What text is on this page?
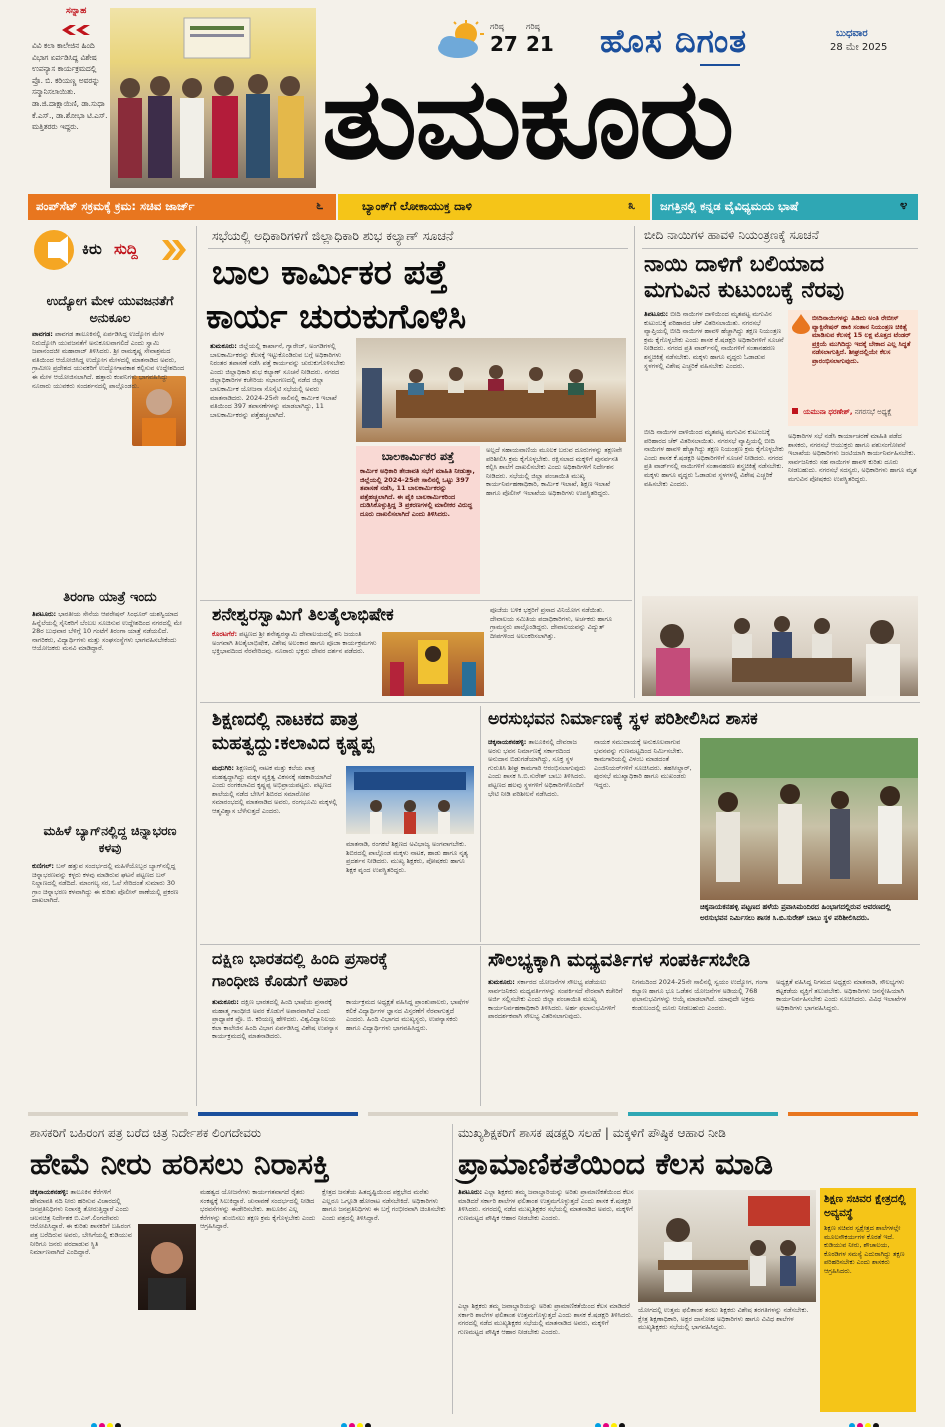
ಸನ್ನಾಹ
ವಿವಿ ಕಲಾ ಕಾಲೇಜಿನ ಹಿಂದಿ ವಿಭಾಗ ಏರ್ಪಡಿಸಿದ್ದ ವಿಶೇಷ ಉಪನ್ಯಾಸ ಕಾರ್ಯಕ್ರಮದಲ್ಲಿ ಪ್ರೊ. ಬಿ. ಕರಿಯಣ್ಣ ಅವರನ್ನು ಸನ್ಮಾನಿಸಲಾಯಿತು. ಡಾ.ಜಿ.ದಾಕ್ಷಾಯಿಣಿ, ಡಾ.ಸುಧಾ ಕೆ.ಎಸ್., ಡಾ.ಶೋಭಾ ಟಿ.ಎಸ್. ಮತ್ತಿತರರು ಇದ್ದರು.
ಗರಿಷ್ಠ
27
ಗರಿಷ್ಠ
21 ಹೊಸ ದಿಗಂತ	ಬುಧವಾರ
28 ಮೇ 2025
ತುಮಕೂರು
ಪಂಪ್‌ಸೆಟ್ ಸಕ್ರಮಕ್ಕೆ ಕ್ರಮ: ಸಚಿವ ಜಾರ್ಜ್	೬	ಬ್ಯಾಂಕ್‌ಗೆ ಲೋಕಾಯುಕ್ತ ದಾಳಿ	೩ ಜಗತ್ತಿನಲ್ಲಿ ಕನ್ನಡ ವೈವಿಧ್ಯಮಯ ಭಾಷೆ	೪
ಕಿರು ಸುದ್ದಿ
ಉದ್ಯೋಗ ಮೇಳ ಯುವಜನತೆಗೆ ಅನುಕೂಲ
ಪಾವಗಡ: ಪಾವಗಡ ತಾಲೂಕಿನಲ್ಲಿ ಏರ್ಪಡಿಸಿದ್ದ ಉದ್ಯೋಗ ಮೇಳ ನಿರುದ್ಯೋಗಿ ಯುವಜನತೆಗೆ ಅನುಕೂಲವಾಗಲಿದೆ ಎಂದು ಸ್ವಾಮಿ ಜಪಾನಂದಜೀ ಮಹಾರಾಜ್ ತಿಳಿಸಿದರು. ಶ್ರೀ ರಾಮಕೃಷ್ಣ ಸೇವಾಶ್ರಮದ ವತಿಯಿಂದ ಆಯೋಜಿಸಿದ್ದ ಉದ್ಯೋಗ ಮೇಳದಲ್ಲಿ ಮಾತನಾಡಿದ ಅವರು, ಗ್ರಾಮೀಣ ಪ್ರದೇಶದ ಯುವಕರಿಗೆ ಉದ್ಯೋಗಾವಕಾಶ ಕಲ್ಪಿಸುವ ಉದ್ದೇಶದಿಂದ ಈ ಮೇಳ ಆಯೋಜಿಸಲಾಗಿದೆ. ಹತ್ತಾರು ಕಂಪನಿಗಳು ಭಾಗವಹಿಸಿದ್ದು ನೂರಾರು ಯುವಕರು ಸಂದರ್ಶನದಲ್ಲಿ ಪಾಲ್ಗೊಂಡರು.
ತಿರಂಗಾ ಯಾತ್ರೆ ಇಂದು
ತಿಪಟೂರು: ಭಾರತೀಯ ಸೇನೆಯ ಆಪರೇಷನ್ ಸಿಂಧೂರ್ ಯಶಸ್ವಿಯಾದ ಹಿನ್ನೆಲೆಯಲ್ಲಿ ಸೈನಿಕರಿಗೆ ಬೆಂಬಲ ಸೂಚಿಸುವ ಉದ್ದೇಶದಿಂದ ನಗರದಲ್ಲಿ ಮೇ 28ರ ಬುಧವಾರ ಬೆಳಿಗ್ಗೆ 10 ಗಂಟೆಗೆ ತಿರಂಗಾ ಯಾತ್ರೆ ನಡೆಯಲಿದೆ. ನಾಗರಿಕರು, ವಿದ್ಯಾರ್ಥಿಗಳು ಮತ್ತು ಸಂಘಸಂಸ್ಥೆಗಳು ಭಾಗವಹಿಸಬೇಕೆಂದು ಆಯೋಜಕರು ಮನವಿ ಮಾಡಿದ್ದಾರೆ.
ಮಹಿಳೆ ಬ್ಯಾಗ್‌ನಲ್ಲಿದ್ದ ಚಿನ್ನಾಭರಣ ಕಳವು
ಕುಣಿಗಲ್: ಬಸ್ ಹತ್ತುವ ಸಂದರ್ಭದಲ್ಲಿ ಮಹಿಳೆಯೊಬ್ಬರ ಬ್ಯಾಗ್‌ನಲ್ಲಿದ್ದ ಚಿನ್ನಾಭರಣವನ್ನು ಕಳ್ಳರು ಕಳವು ಮಾಡಿರುವ ಘಟನೆ ಪಟ್ಟಣದ ಬಸ್ ನಿಲ್ದಾಣದಲ್ಲಿ ನಡೆದಿದೆ. ಮಾಂಗಲ್ಯ ಸರ, ಓಲೆ ಸೇರಿದಂತೆ ಸುಮಾರು 30 ಗ್ರಾಂ ಚಿನ್ನಾಭರಣ ಕಳವಾಗಿದ್ದು ಈ ಕುರಿತು ಪೊಲೀಸ್ ಠಾಣೆಯಲ್ಲಿ ಪ್ರಕರಣ ದಾಖಲಾಗಿದೆ.
ಸಭೆಯಲ್ಲಿ ಅಧಿಕಾರಿಗಳಿಗೆ ಜಿಲ್ಲಾಧಿಕಾರಿ ಶುಭ ಕಲ್ಯಾಣ್ ಸೂಚನೆ
ಬಾಲ ಕಾರ್ಮಿಕರ ಪತ್ತೆ
ಕಾರ್ಯ ಚುರುಕುಗೊಳಿಸಿ
ತುಮಕೂರು: ಜಿಲ್ಲೆಯಲ್ಲಿ ಕಾರ್ಖಾನೆ, ಗ್ಯಾರೇಜ್, ಅಂಗಡಿಗಳಲ್ಲಿ ಬಾಲಕಾರ್ಮಿಕರನ್ನು ಕೆಲಸಕ್ಕೆ ಇಟ್ಟುಕೊಂಡಿರುವ ಬಗ್ಗೆ ಅಧಿಕಾರಿಗಳು ನಿರಂತರ ತಪಾಸಣೆ ನಡೆಸಿ ಪತ್ತೆ ಕಾರ್ಯವನ್ನು ಚುರುಕುಗೊಳಿಸಬೇಕು ಎಂದು ಜಿಲ್ಲಾಧಿಕಾರಿ ಶುಭ ಕಲ್ಯಾಣ್ ಸೂಚನೆ ನೀಡಿದರು. ನಗರದ ಜಿಲ್ಲಾಧಿಕಾರಿಗಳ ಕಚೇರಿಯ ಸಭಾಂಗಣದಲ್ಲಿ ನಡೆದ ಜಿಲ್ಲಾ ಬಾಲಕಾರ್ಮಿಕ ಯೋಜನಾ ಸೊಸೈಟಿ ಸಭೆಯಲ್ಲಿ ಅವರು ಮಾತನಾಡಿದರು. 2024-25ನೇ ಸಾಲಿನಲ್ಲಿ ಕಾರ್ಮಿಕ ಇಲಾಖೆ ವತಿಯಿಂದ 397 ತಪಾಸಣೆಗಳನ್ನು ಮಾಡಲಾಗಿದ್ದು, 11 ಬಾಲಕಾರ್ಮಿಕರನ್ನು ಪತ್ತೆಹಚ್ಚಲಾಗಿದೆ.
ಬಾಲಕಾರ್ಮಿಕರ ಪತ್ತೆ
ಕಾರ್ಮಿಕ ಅಧಿಕಾರಿ ತೇಜಾವತಿ ಸಭೆಗೆ ಮಾಹಿತಿ ನೀಡುತ್ತಾ, ಜಿಲ್ಲೆಯಲ್ಲಿ 2024-25ನೇ ಸಾಲಿನಲ್ಲಿ ಒಟ್ಟು 397 ತಪಾಸಣೆ ನಡೆಸಿ, 11 ಬಾಲಕಾರ್ಮಿಕರನ್ನು ಪತ್ತೆಹಚ್ಚಲಾಗಿದೆ. ಈ ಪೈಕಿ ಬಾಲಕಾರ್ಮಿಕರಿಂದ ದುಡಿಸಿಕೊಳ್ಳುತ್ತಿದ್ದ 3 ಪ್ರಕರಣಗಳಲ್ಲಿ ಮಾಲೀಕರ ವಿರುದ್ಧ ದೂರು ದಾಖಲಿಸಲಾಗಿದೆ ಎಂದು ತಿಳಿಸಿದರು.
ಅಲ್ಲದೆ ಸಹಾಯವಾಣಿಯ ಮೂಲಕ ಬರುವ ದೂರುಗಳನ್ನು ತಕ್ಷಣವೇ ಪರಿಶೀಲಿಸಿ ಕ್ರಮ ಕೈಗೊಳ್ಳಬೇಕು. ರಕ್ಷಿಸಲಾದ ಮಕ್ಕಳಿಗೆ ಪುನರ್ವಸತಿ ಕಲ್ಪಿಸಿ ಶಾಲೆಗೆ ದಾಖಲಿಸಬೇಕು ಎಂದು ಅಧಿಕಾರಿಗಳಿಗೆ ನಿರ್ದೇಶನ ನೀಡಿದರು. ಸಭೆಯಲ್ಲಿ ಜಿಲ್ಲಾ ಪಂಚಾಯಿತಿ ಮುಖ್ಯ ಕಾರ್ಯನಿರ್ವಹಣಾಧಿಕಾರಿ, ಕಾರ್ಮಿಕ ಇಲಾಖೆ, ಶಿಕ್ಷಣ ಇಲಾಖೆ ಹಾಗೂ ಪೊಲೀಸ್ ಇಲಾಖೆಯ ಅಧಿಕಾರಿಗಳು ಉಪಸ್ಥಿತರಿದ್ದರು.
ಬೀದಿ ನಾಯಿಗಳ ಹಾವಳಿ ನಿಯಂತ್ರಣಕ್ಕೆ ಸೂಚನೆ
ನಾಯಿ ದಾಳಿಗೆ ಬಲಿಯಾದ
ಮಗುವಿನ ಕುಟುಂಬಕ್ಕೆ ನೆರವು
ತಿಪಟೂರು: ಬೀದಿ ನಾಯಿಗಳ ದಾಳಿಯಿಂದ ಮೃತಪಟ್ಟ ಮಗುವಿನ ಕುಟುಂಬಕ್ಕೆ ಪರಿಹಾರದ ಚೆಕ್ ವಿತರಿಸಲಾಯಿತು. ನಗರಸಭೆ ವ್ಯಾಪ್ತಿಯಲ್ಲಿ ಬೀದಿ ನಾಯಿಗಳ ಹಾವಳಿ ಹೆಚ್ಚಾಗಿದ್ದು ತಕ್ಷಣ ನಿಯಂತ್ರಣ ಕ್ರಮ ಕೈಗೊಳ್ಳಬೇಕು ಎಂದು ಶಾಸಕ ಕೆ.ಷಡಕ್ಷರಿ ಅಧಿಕಾರಿಗಳಿಗೆ ಸೂಚನೆ ನೀಡಿದರು. ನಗರದ ಪ್ರತಿ ವಾರ್ಡ್‌ನಲ್ಲಿ ನಾಯಿಗಳಿಗೆ ಸಂತಾನಹರಣ ಶಸ್ತ್ರಚಿಕಿತ್ಸೆ ನಡೆಸಬೇಕು. ಮಕ್ಕಳು ಹಾಗೂ ವೃದ್ಧರು ಓಡಾಡುವ ಸ್ಥಳಗಳಲ್ಲಿ ವಿಶೇಷ ಎಚ್ಚರಿಕೆ ವಹಿಸಬೇಕು ಎಂದರು.
ಬೀದಿನಾಯಿಗಳನ್ನು ಹಿಡಿದು ಅಂತಿ ರೇಬೀಸ್ ವ್ಯಾಕ್ಸಿನೇಷನ್ ಹಾಕಿ ಸಂತಾನ ನಿಯಂತ್ರಣ ಚಿಕಿತ್ಸೆ ಮಾಡಿಸುವ ಕೆಲಸಕ್ಕೆ 15 ಲಕ್ಷ ಮೊತ್ತದ ಟೆಂಡರ್ ಪ್ರಕ್ರಿಯೆ ಮುಗಿದಿದ್ದು ಇದಕ್ಕೆ ಬೇಕಾದ ಎಲ್ಲ ಸಿದ್ಧತೆ ನಡೆಸಲಾಗುತ್ತಿದೆ. ಶೀಘ್ರದಲ್ಲಿಯೇ ಕೆಲಸ ಪ್ರಾರಂಭಿಸಲಾಗುವುದು.
ಯಮುನಾ ಧರಣೇಶ್, ನಗರಸಭೆ ಅಧ್ಯಕ್ಷೆ
ಅಧಿಕಾರಿಗಳ ಸಭೆ ನಡೆಸಿ ಕಾರ್ಯಾಚರಣೆ ಮಾಹಿತಿ ಪಡೆದ ಶಾಸಕರು, ನಗರಸಭೆ ಆಯುಕ್ತರು ಹಾಗೂ ಪಶುಸಂಗೋಪನೆ ಇಲಾಖೆಯ ಅಧಿಕಾರಿಗಳು ಜಂಟಿಯಾಗಿ ಕಾರ್ಯನಿರ್ವಹಿಸಬೇಕು. ಸಾರ್ವಜನಿಕರು ಸಹ ನಾಯಿಗಳ ಹಾವಳಿ ಕುರಿತು ದೂರು ನೀಡಬಹುದು. ನಗರಸಭೆ ಸದಸ್ಯರು, ಅಧಿಕಾರಿಗಳು ಹಾಗೂ ಮೃತ ಮಗುವಿನ ಪೋಷಕರು ಉಪಸ್ಥಿತರಿದ್ದರು.
ಬೀದಿ ನಾಯಿಗಳ ದಾಳಿಯಿಂದ ಮೃತಪಟ್ಟ ಮಗುವಿನ ಕುಟುಂಬಕ್ಕೆ ಪರಿಹಾರದ ಚೆಕ್ ವಿತರಿಸಲಾಯಿತು. ನಗರಸಭೆ ವ್ಯಾಪ್ತಿಯಲ್ಲಿ ಬೀದಿ ನಾಯಿಗಳ ಹಾವಳಿ ಹೆಚ್ಚಾಗಿದ್ದು ತಕ್ಷಣ ನಿಯಂತ್ರಣ ಕ್ರಮ ಕೈಗೊಳ್ಳಬೇಕು ಎಂದು ಶಾಸಕ ಕೆ.ಷಡಕ್ಷರಿ ಅಧಿಕಾರಿಗಳಿಗೆ ಸೂಚನೆ ನೀಡಿದರು. ನಗರದ ಪ್ರತಿ ವಾರ್ಡ್‌ನಲ್ಲಿ ನಾಯಿಗಳಿಗೆ ಸಂತಾನಹರಣ ಶಸ್ತ್ರಚಿಕಿತ್ಸೆ ನಡೆಸಬೇಕು. ಮಕ್ಕಳು ಹಾಗೂ ವೃದ್ಧರು ಓಡಾಡುವ ಸ್ಥಳಗಳಲ್ಲಿ ವಿಶೇಷ ಎಚ್ಚರಿಕೆ ವಹಿಸಬೇಕು ಎಂದರು.
ಶನೇಶ್ವರಸ್ವಾಮಿಗೆ ತಿಲತೈಲಾಭಿಷೇಕ
ಕೊರಟಗೆರೆ: ಪಟ್ಟಣದ ಶ್ರೀ ಶನೇಶ್ವರಸ್ವಾಮಿ ದೇವಾಲಯದಲ್ಲಿ ಶನಿ ಜಯಂತಿ ಅಂಗವಾಗಿ ತಿಲತೈಲಾಭಿಷೇಕ, ವಿಶೇಷ ಅಲಂಕಾರ ಹಾಗೂ ಪೂಜಾ ಕಾರ್ಯಕ್ರಮಗಳು ಭಕ್ತಿಭಾವದಿಂದ ನೆರವೇರಿದವು. ನೂರಾರು ಭಕ್ತರು ದೇವರ ದರ್ಶನ ಪಡೆದರು.
ಪೂಜೆಯ ಬಳಿಕ ಭಕ್ತರಿಗೆ ಪ್ರಸಾದ ವಿನಿಯೋಗ ನಡೆಯಿತು. ದೇವಾಲಯ ಸಮಿತಿಯ ಪದಾಧಿಕಾರಿಗಳು, ಅರ್ಚಕರು ಹಾಗೂ ಗ್ರಾಮಸ್ಥರು ಪಾಲ್ಗೊಂಡಿದ್ದರು. ದೇವಾಲಯವನ್ನು ವಿದ್ಯುತ್ ದೀಪಗಳಿಂದ ಅಲಂಕರಿಸಲಾಗಿತ್ತು.
ಶಿಕ್ಷಣದಲ್ಲಿ ನಾಟಕದ ಪಾತ್ರ
ಮಹತ್ವದ್ದು:ಕಲಾವಿದ ಕೃಷ್ಣಪ್ಪ
ಮಧುಗಿರಿ: ಶಿಕ್ಷಣದಲ್ಲಿ ನಾಟಕ ಮತ್ತು ಕಲೆಯ ಪಾತ್ರ ಮಹತ್ವದ್ದಾಗಿದ್ದು ಮಕ್ಕಳ ವ್ಯಕ್ತಿತ್ವ ವಿಕಸನಕ್ಕೆ ಸಹಕಾರಿಯಾಗಿದೆ ಎಂದು ರಂಗಕಲಾವಿದ ಕೃಷ್ಣಪ್ಪ ಅಭಿಪ್ರಾಯಪಟ್ಟರು. ಪಟ್ಟಣದ ಶಾಲೆಯಲ್ಲಿ ನಡೆದ ಬೇಸಿಗೆ ಶಿಬಿರದ ಸಮಾರೋಪ ಸಮಾರಂಭದಲ್ಲಿ ಮಾತನಾಡಿದ ಅವರು, ರಂಗಭೂಮಿ ಮಕ್ಕಳಲ್ಲಿ ಆತ್ಮವಿಶ್ವಾಸ ಬೆಳೆಸುತ್ತದೆ ಎಂದರು.
ಮಾತನಾಡಿ, ರಂಗಕಲೆ ಶಿಕ್ಷಣದ ಅವಿಭಾಜ್ಯ ಅಂಗವಾಗಬೇಕು. ಶಿಬಿರದಲ್ಲಿ ಪಾಲ್ಗೊಂಡ ಮಕ್ಕಳು ನಾಟಕ, ಹಾಡು ಹಾಗೂ ನೃತ್ಯ ಪ್ರದರ್ಶನ ನೀಡಿದರು. ಮುಖ್ಯ ಶಿಕ್ಷಕರು, ಪೋಷಕರು ಹಾಗೂ ಶಿಕ್ಷಕ ವೃಂದ ಉಪಸ್ಥಿತರಿದ್ದರು.
ಅರಸುಭವನ ನಿರ್ಮಾಣಕ್ಕೆ ಸ್ಥಳ ಪರಿಶೀಲಿಸಿದ ಶಾಸಕ
ಚಿಕ್ಕನಾಯಕನಹಳ್ಳಿ: ತಾಲೂಕಿನಲ್ಲಿ ದೇವರಾಜ ಅರಸು ಭವನ ನಿರ್ಮಾಣಕ್ಕೆ ಸರ್ಕಾರದಿಂದ ಅನುದಾನ ಬಿಡುಗಡೆಯಾಗಿದ್ದು, ಸೂಕ್ತ ಸ್ಥಳ ಗುರುತಿಸಿ ಶೀಘ್ರ ಕಾಮಗಾರಿ ಆರಂಭಿಸಲಾಗುವುದು ಎಂದು ಶಾಸಕ ಸಿ.ಬಿ.ಸುರೇಶ್ ಬಾಬು ತಿಳಿಸಿದರು. ಪಟ್ಟಣದ ಹಲವು ಸ್ಥಳಗಳಿಗೆ ಅಧಿಕಾರಿಗಳೊಂದಿಗೆ ಭೇಟಿ ನೀಡಿ ಪರಿಶೀಲನೆ ನಡೆಸಿದರು.
ನಾಯಕ ಸಮುದಾಯಕ್ಕೆ ಅನುಕೂಲವಾಗುವ ಭವನವನ್ನು ಗುಣಮಟ್ಟದಿಂದ ನಿರ್ಮಿಸಬೇಕು. ಕಾಮಗಾರಿಯಲ್ಲಿ ವಿಳಂಬ ಮಾಡದಂತೆ ಎಂಜಿನಿಯರ್‌ಗಳಿಗೆ ಸೂಚಿಸಿದರು. ತಹಸೀಲ್ದಾರ್, ಪುರಸಭೆ ಮುಖ್ಯಾಧಿಕಾರಿ ಹಾಗೂ ಮುಖಂಡರು ಇದ್ದರು.
ಚಿಕ್ಕನಾಯಕನಹಳ್ಳಿ ಪಟ್ಟಣದ ಹಳೆಯ ಪ್ರವಾಸಿಮಂದಿರದ ಹಿಂಭಾಗದಲ್ಲಿರುವ ಆವರಣದಲ್ಲಿ ಅರಸುಭವನ ನಿರ್ಮಿಸಲು ಶಾಸಕ ಸಿ.ಬಿ.ಸುರೇಶ್ ಬಾಬು ಸ್ಥಳ ಪರಿಶೀಲಿಸಿದರು.
ದಕ್ಷಿಣ ಭಾರತದಲ್ಲಿ ಹಿಂದಿ ಪ್ರಸಾರಕ್ಕೆ
ಗಾಂಧೀಜಿ ಕೊಡುಗೆ ಅಪಾರ
ತುಮಕೂರು: ದಕ್ಷಿಣ ಭಾರತದಲ್ಲಿ ಹಿಂದಿ ಭಾಷೆಯ ಪ್ರಸಾರಕ್ಕೆ ಮಹಾತ್ಮ ಗಾಂಧೀಜಿ ಅವರ ಕೊಡುಗೆ ಅಪಾರವಾಗಿದೆ ಎಂದು ಪ್ರಾಧ್ಯಾಪಕ ಪ್ರೊ. ಬಿ. ಕರಿಯಣ್ಣ ಹೇಳಿದರು. ವಿಶ್ವವಿದ್ಯಾನಿಲಯ ಕಲಾ ಕಾಲೇಜಿನ ಹಿಂದಿ ವಿಭಾಗ ಏರ್ಪಡಿಸಿದ್ದ ವಿಶೇಷ ಉಪನ್ಯಾಸ ಕಾರ್ಯಕ್ರಮದಲ್ಲಿ ಮಾತನಾಡಿದರು.
ಕಾರ್ಯಕ್ರಮದ ಅಧ್ಯಕ್ಷತೆ ವಹಿಸಿದ್ದ ಪ್ರಾಂಶುಪಾಲರು, ಭಾಷೆಗಳ ಕಲಿಕೆ ವಿದ್ಯಾರ್ಥಿಗಳ ಜ್ಞಾನದ ವಿಸ್ತರಣೆಗೆ ನೆರವಾಗುತ್ತದೆ ಎಂದರು. ಹಿಂದಿ ವಿಭಾಗದ ಮುಖ್ಯಸ್ಥರು, ಉಪನ್ಯಾಸಕರು ಹಾಗೂ ವಿದ್ಯಾರ್ಥಿಗಳು ಭಾಗವಹಿಸಿದ್ದರು.
ಸೌಲಭ್ಯಕ್ಕಾಗಿ ಮಧ್ಯವರ್ತಿಗಳ ಸಂಪರ್ಕಿಸಬೇಡಿ
ತುಮಕೂರು: ಸರ್ಕಾರದ ಯೋಜನೆಗಳ ಸೌಲಭ್ಯ ಪಡೆಯಲು ಸಾರ್ವಜನಿಕರು ಮಧ್ಯವರ್ತಿಗಳನ್ನು ಸಂಪರ್ಕಿಸದೆ ನೇರವಾಗಿ ಕಚೇರಿಗೆ ಅರ್ಜಿ ಸಲ್ಲಿಸಬೇಕು ಎಂದು ಜಿಲ್ಲಾ ಪಂಚಾಯಿತಿ ಮುಖ್ಯ ಕಾರ್ಯನಿರ್ವಹಣಾಧಿಕಾರಿ ತಿಳಿಸಿದರು. ಅರ್ಹ ಫಲಾನುಭವಿಗಳಿಗೆ ಪಾರದರ್ಶಕವಾಗಿ ಸೌಲಭ್ಯ ವಿತರಿಸಲಾಗುವುದು.
ನಿಗಮದಿಂದ 2024-25ನೇ ಸಾಲಿನಲ್ಲಿ ಸ್ವಯಂ ಉದ್ಯೋಗ, ಗಂಗಾ ಕಲ್ಯಾಣ ಹಾಗೂ ಭೂ ಒಡೆತನ ಯೋಜನೆಗಳ ಅಡಿಯಲ್ಲಿ 768 ಫಲಾನುಭವಿಗಳನ್ನು ಆಯ್ಕೆ ಮಾಡಲಾಗಿದೆ. ಯಾವುದೇ ಅಕ್ರಮ ಕಂಡುಬಂದಲ್ಲಿ ದೂರು ನೀಡಬಹುದು ಎಂದರು.
ಅಧ್ಯಕ್ಷತೆ ವಹಿಸಿದ್ದ ನಿಗಮದ ಅಧ್ಯಕ್ಷರು ಮಾತನಾಡಿ, ಸೌಲಭ್ಯಗಳು ಕಟ್ಟಕಡೆಯ ವ್ಯಕ್ತಿಗೆ ತಲುಪಬೇಕು. ಅಧಿಕಾರಿಗಳು ಜನಸ್ನೇಹಿಯಾಗಿ ಕಾರ್ಯನಿರ್ವಹಿಸಬೇಕು ಎಂದು ಸೂಚಿಸಿದರು. ವಿವಿಧ ಇಲಾಖೆಗಳ ಅಧಿಕಾರಿಗಳು ಭಾಗವಹಿಸಿದ್ದರು.
ಶಾಸಕರಿಗೆ ಬಹಿರಂಗ ಪತ್ರ ಬರೆದ ಚಿತ್ರ ನಿರ್ದೇಶಕ ಲಿಂಗದೇವರು
ಹೇಮೆ ನೀರು ಹರಿಸಲು ನಿರಾಸಕ್ತಿ
ಚಿಕ್ಕನಾಯಕನಹಳ್ಳಿ: ತಾಲೂಕಿನ ಕೆರೆಗಳಿಗೆ ಹೇಮಾವತಿ ನದಿ ನೀರು ಹರಿಸುವ ವಿಚಾರದಲ್ಲಿ ಜನಪ್ರತಿನಿಧಿಗಳು ನಿರಾಸಕ್ತಿ ತೋರುತ್ತಿದ್ದಾರೆ ಎಂದು ಚಲನಚಿತ್ರ ನಿರ್ದೇಶಕ ಬಿ.ಎಸ್.ಲಿಂಗದೇವರು ಆರೋಪಿಸಿದ್ದಾರೆ. ಈ ಕುರಿತು ಶಾಸಕರಿಗೆ ಬಹಿರಂಗ ಪತ್ರ ಬರೆದಿರುವ ಅವರು, ಬೇಸಿಗೆಯಲ್ಲಿ ಕುಡಿಯುವ ನೀರಿಗೂ ಜನರು ಪರದಾಡುವ ಸ್ಥಿತಿ ನಿರ್ಮಾಣವಾಗಿದೆ ಎಂದಿದ್ದಾರೆ.
ಮಹತ್ವದ ಯೋಜನೆಗಳು ಕಾರ್ಯಗತವಾಗದೆ ರೈತರು ಸಂಕಷ್ಟಕ್ಕೆ ಸಿಲುಕಿದ್ದಾರೆ. ಚುನಾವಣೆ ಸಂದರ್ಭದಲ್ಲಿ ನೀಡಿದ ಭರವಸೆಗಳನ್ನು ಈಡೇರಿಸಬೇಕು. ತಾಲೂಕಿನ ಎಲ್ಲ ಕೆರೆಗಳನ್ನು ತುಂಬಿಸಲು ತಕ್ಷಣ ಕ್ರಮ ಕೈಗೊಳ್ಳಬೇಕು ಎಂದು ಆಗ್ರಹಿಸಿದ್ದಾರೆ.
ಕ್ಷೇತ್ರದ ಜನತೆಯ ಹಿತದೃಷ್ಟಿಯಿಂದ ಪಕ್ಷಭೇದ ಮರೆತು ಎಲ್ಲರೂ ಒಗ್ಗೂಡಿ ಹೋರಾಟ ನಡೆಸಬೇಕಿದೆ. ಅಧಿಕಾರಿಗಳು ಹಾಗೂ ಜನಪ್ರತಿನಿಧಿಗಳು ಈ ಬಗ್ಗೆ ಗಂಭೀರವಾಗಿ ಚಿಂತಿಸಬೇಕು ಎಂದು ಪತ್ರದಲ್ಲಿ ತಿಳಿಸಿದ್ದಾರೆ.
ಮುಖ್ಯಶಿಕ್ಷಕರಿಗೆ ಶಾಸಕ ಷಡಕ್ಷರಿ ಸಲಹೆ | ಮಕ್ಕಳಿಗೆ ಪೌಷ್ಠಿಕ ಆಹಾರ ನೀಡಿ
ಪ್ರಾಮಾಣಿಕತೆಯಿಂದ ಕೆಲಸ ಮಾಡಿ
ತಿಪಟೂರು: ಎಲ್ಲಾ ಶಿಕ್ಷಕರು ತಮ್ಮ ಜವಾಬ್ದಾರಿಯನ್ನು ಅರಿತು ಪ್ರಾಮಾಣಿಕತೆಯಿಂದ ಕೆಲಸ ಮಾಡಿದರೆ ಸರ್ಕಾರಿ ಶಾಲೆಗಳ ಫಲಿತಾಂಶ ಉತ್ತಮಗೊಳ್ಳುತ್ತದೆ ಎಂದು ಶಾಸಕ ಕೆ.ಷಡಕ್ಷರಿ ತಿಳಿಸಿದರು. ನಗರದಲ್ಲಿ ನಡೆದ ಮುಖ್ಯಶಿಕ್ಷಕರ ಸಭೆಯಲ್ಲಿ ಮಾತನಾಡಿದ ಅವರು, ಮಕ್ಕಳಿಗೆ ಗುಣಮಟ್ಟದ ಪೌಷ್ಠಿಕ ಆಹಾರ ನೀಡಬೇಕು ಎಂದರು.
ಯೋಗದಲ್ಲಿ ಉತ್ತಮ ಫಲಿತಾಂಶ ತರಲು ಶಿಕ್ಷಕರು ವಿಶೇಷ ತರಗತಿಗಳನ್ನು ನಡೆಸಬೇಕು. ಕ್ಷೇತ್ರ ಶಿಕ್ಷಣಾಧಿಕಾರಿ, ಅಕ್ಷರ ದಾಸೋಹ ಅಧಿಕಾರಿಗಳು ಹಾಗೂ ವಿವಿಧ ಶಾಲೆಗಳ ಮುಖ್ಯಶಿಕ್ಷಕರು ಸಭೆಯಲ್ಲಿ ಭಾಗವಹಿಸಿದ್ದರು.
ಎಲ್ಲಾ ಶಿಕ್ಷಕರು ತಮ್ಮ ಜವಾಬ್ದಾರಿಯನ್ನು ಅರಿತು ಪ್ರಾಮಾಣಿಕತೆಯಿಂದ ಕೆಲಸ ಮಾಡಿದರೆ ಸರ್ಕಾರಿ ಶಾಲೆಗಳ ಫಲಿತಾಂಶ ಉತ್ತಮಗೊಳ್ಳುತ್ತದೆ ಎಂದು ಶಾಸಕ ಕೆ.ಷಡಕ್ಷರಿ ತಿಳಿಸಿದರು. ನಗರದಲ್ಲಿ ನಡೆದ ಮುಖ್ಯಶಿಕ್ಷಕರ ಸಭೆಯಲ್ಲಿ ಮಾತನಾಡಿದ ಅವರು, ಮಕ್ಕಳಿಗೆ ಗುಣಮಟ್ಟದ ಪೌಷ್ಠಿಕ ಆಹಾರ ನೀಡಬೇಕು ಎಂದರು.
ಶಿಕ್ಷಣ ಸಚಿವರ ಕ್ಷೇತ್ರದಲ್ಲಿ ಅವ್ಯವಸ್ಥೆ
ಶಿಕ್ಷಣ ಸಚಿವರ ಸ್ವಕ್ಷೇತ್ರದ ಶಾಲೆಗಳಲ್ಲೇ ಮೂಲಸೌಕರ್ಯಗಳ ಕೊರತೆ ಇದೆ. ಕುಡಿಯುವ ನೀರು, ಶೌಚಾಲಯ, ಕೊಠಡಿಗಳ ಸಮಸ್ಯೆ ಎದುರಾಗಿದ್ದು ತಕ್ಷಣ ಪರಿಹರಿಸಬೇಕು ಎಂದು ಶಾಸಕರು ಆಗ್ರಹಿಸಿದರು.
